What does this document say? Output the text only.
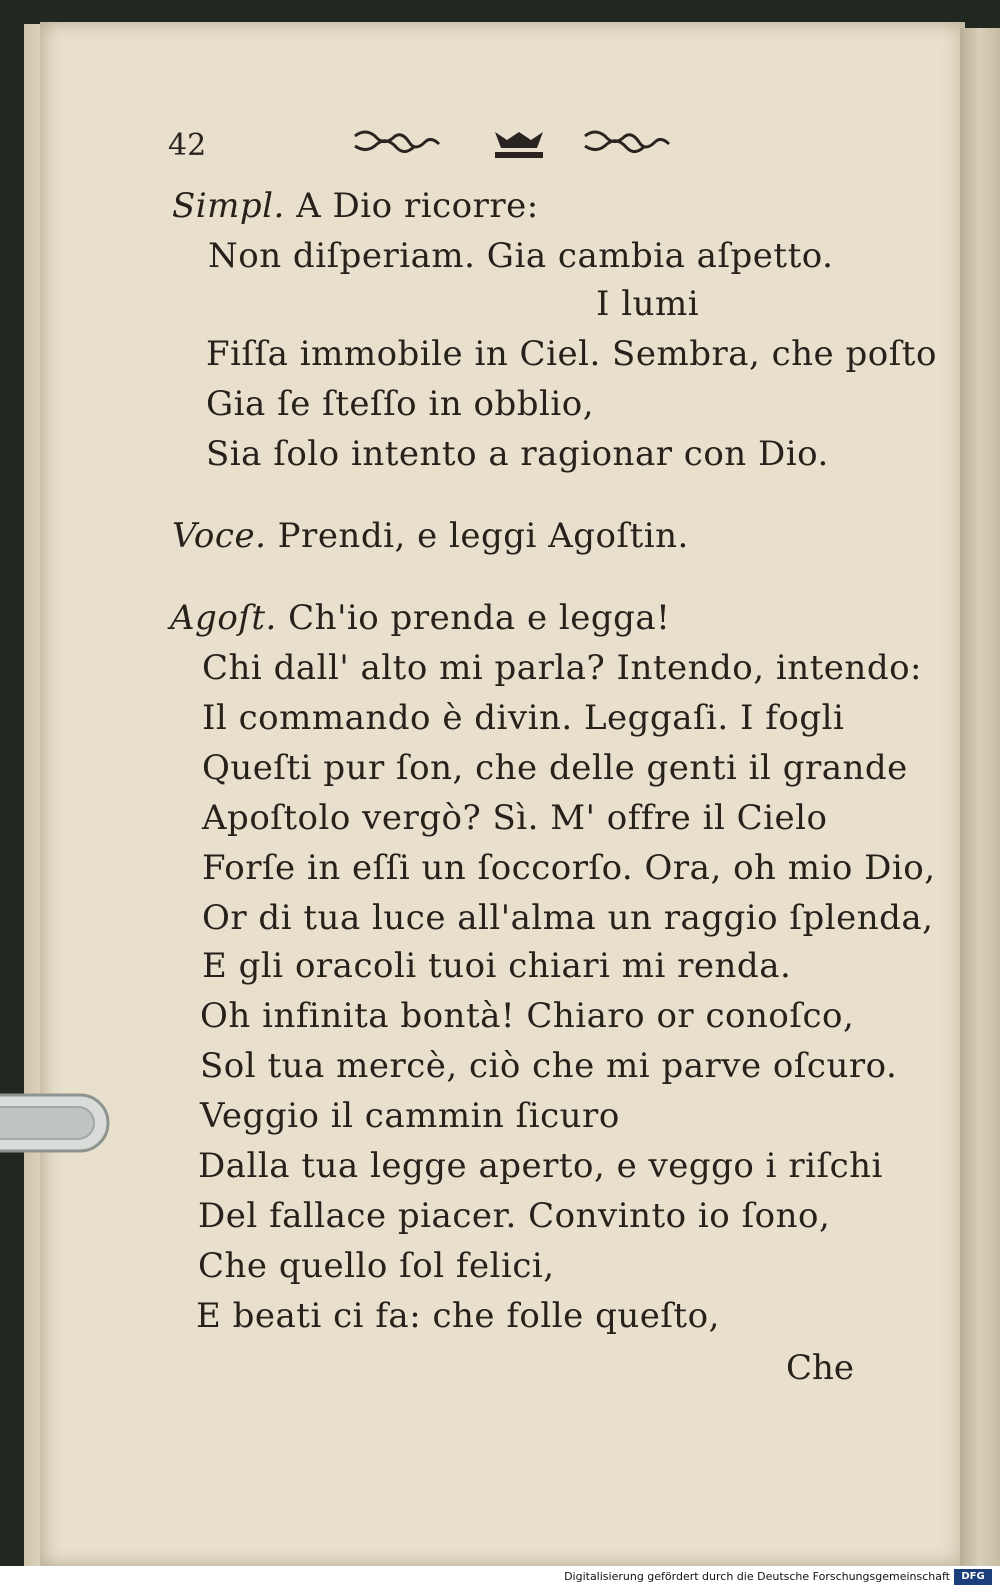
42
Simpl. A Dio ricorre:
Non diſperiam. Gia cambia aſpetto.
I lumi
Fiſſa immobile in Ciel. Sembra, che poſto
Gia ſe ſteſſo in obblio,
Sia ſolo intento a ragionar con Dio.
Voce. Prendi, e leggi Agoſtin.
Agoſt. Ch'io prenda e legga!
Chi dall' alto mi parla? Intendo, intendo:
Il commando è divin. Leggaſi. I fogli
Queſti pur ſon, che delle genti il grande
Apoſtolo vergò? Sì. M' offre il Cielo
Forſe in eſſi un ſoccorſo. Ora, oh mio Dio,
Or di tua luce all'alma un raggio ſplenda,
E gli oracoli tuoi chiari mi renda.
Oh infinita bontà! Chiaro or conoſco,
Sol tua mercè, ciò che mi parve oſcuro.
Veggio il cammin ſicuro
Dalla tua legge aperto, e veggo i riſchi
Del fallace piacer. Convinto io ſono,
Che quello ſol felici,
E beati ci fa: che folle queſto,
Che
Digitalisierung gefördert durch die Deutsche Forschungsgemeinschaft	DFG
